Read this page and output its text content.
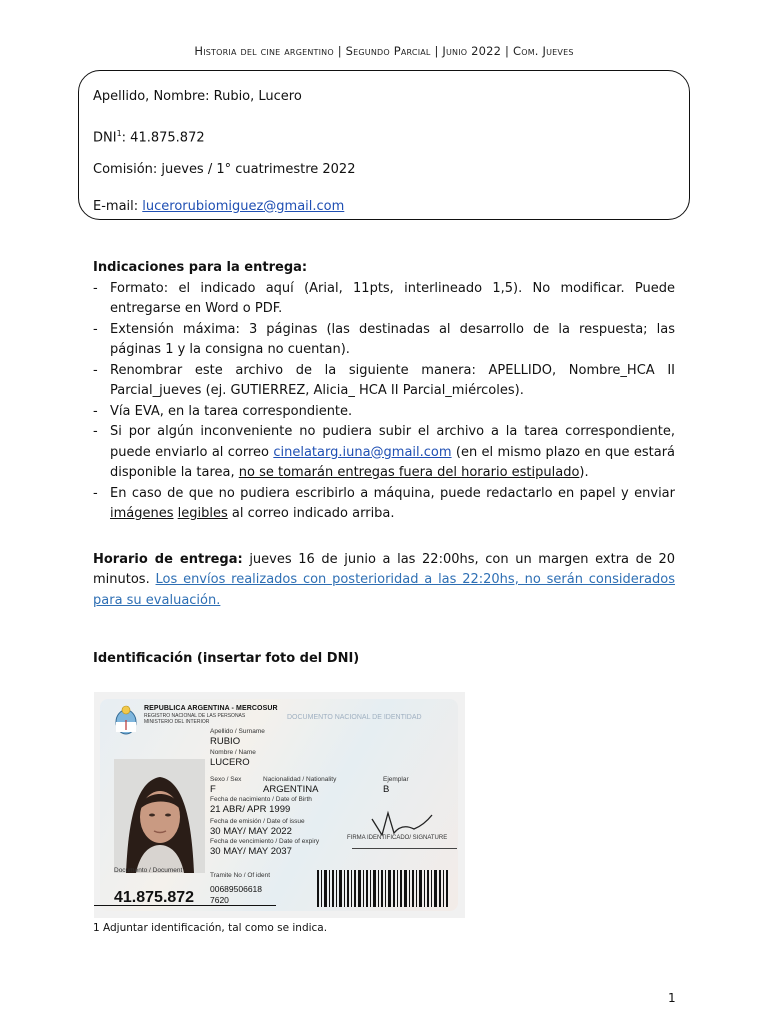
Historia del cine argentino | Segundo Parcial | Junio 2022 | Com. Jueves
Apellido, Nombre: Rubio, Lucero
DNI$^1$: 41.875.872
Comisión: jueves / 1° cuatrimestre 2022
E-mail: lucerorubiomiguez@gmail.com
Indicaciones para la entrega:
- Formato: el indicado aquí (Arial, 11pts, interlineado 1,5). No modificar. Puede entregarse en Word o PDF.
- Extensión máxima: 3 páginas (las destinadas al desarrollo de la respuesta; las páginas 1 y la consigna no cuentan).
- Renombrar este archivo de la siguiente manera: APELLIDO, Nombre_HCA II Parcial_jueves (ej. GUTIERREZ, Alicia_ HCA II Parcial_miércoles).
- Vía EVA, en la tarea correspondiente.
- Si por algún inconveniente no pudiera subir el archivo a la tarea correspondiente, puede enviarlo al correo cinelatarg.iuna@gmail.com (en el mismo plazo en que estará disponible la tarea, no se tomarán entregas fuera del horario estipulado).
- En caso de que no pudiera escribirlo a máquina, puede redactarlo en papel y enviar imágenes legibles al correo indicado arriba.
Horario de entrega: jueves 16 de junio a las 22:00hs, con un margen extra de 20 minutos. Los envíos realizados con posterioridad a las 22:20hs, no serán considerados para su evaluación.
Identificación (insertar foto del DNI)
REPUBLICA ARGENTINA - MERCOSUR
REGISTRO NACIONAL DE LAS PERSONAS
MINISTERIO DEL INTERIOR
DOCUMENTO NACIONAL DE IDENTIDAD
Apellido / Surname
RUBIO
Nombre / Name
LUCERO
Sexo / Sex
F
Nacionalidad / Nationality
ARGENTINA
Ejemplar
B
Fecha de nacimiento / Date of Birth
21 ABR/ APR 1999
Fecha de emisión / Date of issue
30 MAY/ MAY 2022
Fecha de vencimiento / Date of expiry
30 MAY/ MAY 2037
FIRMA IDENTIFICADO/ SIGNATURE
Documento / Document
41.875.872
Tramite No / Of ident
00689506618
7620
1 Adjuntar identificación, tal como se indica.
1
